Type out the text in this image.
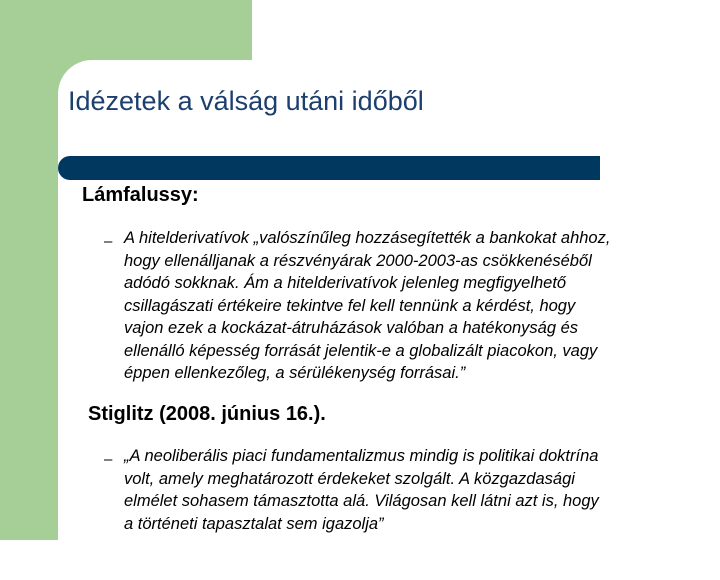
Idézetek a válság utáni időből
Lámfalussy:
– A hitelderivatívok „valószínűleg hozzásegítették a bankokat ahhoz,
hogy ellenálljanak a részvényárak 2000-2003-as csökkenéséből
adódó sokknak. Ám a hitelderivatívok jelenleg megfigyelhető
csillagászati értékeire tekintve fel kell tennünk a kérdést, hogy
vajon ezek a kockázat-átruházások valóban a hatékonyság és
ellenálló képesség forrását jelentik-e a globalizált piacokon, vagy
éppen ellenkezőleg, a sérülékenység forrásai.”

Stiglitz (2008. június 16.).
– „A neoliberális piaci fundamentalizmus mindig is politikai doktrína
volt, amely meghatározott érdekeket szolgált. A közgazdasági
elmélet sohasem támasztotta alá. Világosan kell látni azt is, hogy
a történeti tapasztalat sem igazolja”
